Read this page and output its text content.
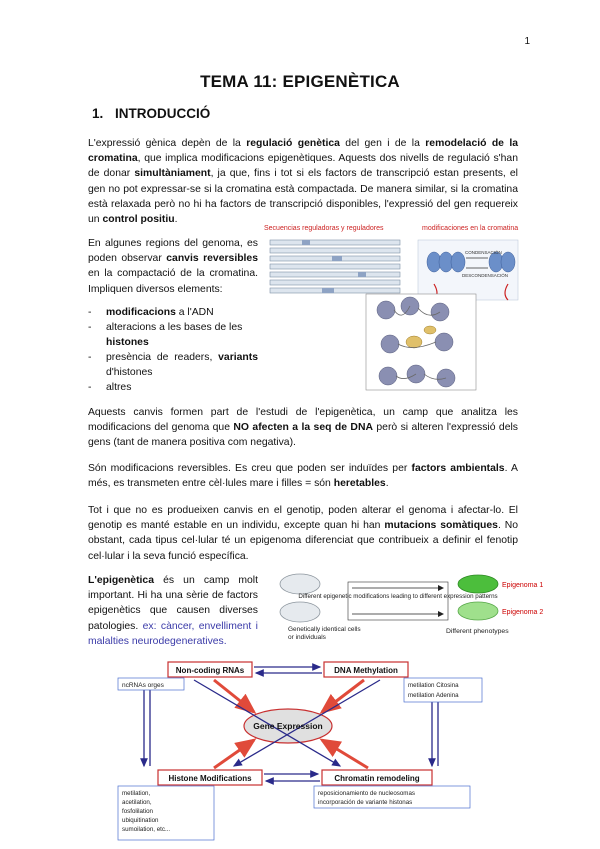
1
TEMA 11: EPIGENÈTICA
1. INTRODUCCIÓ
L'expressió gènica depèn de la regulació genètica del gen i de la remodelació de la cromatina, que implica modificacions epigenètiques. Aquests dos nivells de regulació s'han de donar simultàniament, ja que, fins i tot si els factors de transcripció estan presents, el gen no pot expressar-se si la cromatina està compactada. De manera similar, si la cromatina està relaxada però no hi ha factors de transcripció disponibles, l'expressió del gen requereix un control positiu.
En algunes regions del genoma, es poden observar canvis reversibles en la compactació de la cromatina. Impliquen diversos elements:
- modificacions a l'ADN
- alteracions a les bases de les histones
- presència de readers, variants d'histones
- altres
Secuencias reguladoras y reguladores	modificaciones en la cromatina
CONDENSACIÓN
DESCONDENSACIÓN
Aquests canvis formen part de l'estudi de l'epigenètica, un camp que analitza les modificacions del genoma que NO afecten a la seq de DNA però si alteren l'expressió dels gens (tant de manera positiva com negativa).
Són modificacions reversibles. Es creu que poden ser induïdes per factors ambientals. A més, es transmeten entre cèl·lules mare i filles = són heretables.
Tot i que no es produeixen canvis en el genotip, poden alterar el genoma i afectar-lo. El genotip es manté estable en un individu, excepte quan hi han mutacions somàtiques. No obstant, cada tipus cel·lular té un epigenoma diferenciat que contribueix a definir el fenotip cel·lular i la seva funció específica.
L'epigenètica és un camp molt important. Hi ha una sèrie de factors epigenètics que causen diverses patologies. ex: càncer, envelliment i malalties neurodegeneratives.
Different epigenetic modifications leading to different expression patterns
Epigenoma 1
Epigenoma 2
Genetically identical cells or individuals
Different phenotypes
Non-coding RNAs	DNA Methylation
Histone Modifications	Chromatin remodeling
Gene Expression
ncRNAs orges	metilation Citosina
metilation Adenina
metilation,
acetilation,
fosfolilation
ubiquitination
sumoilation, etc...
reposicionamiento de nucleosomas
incorporación de variante histonas
